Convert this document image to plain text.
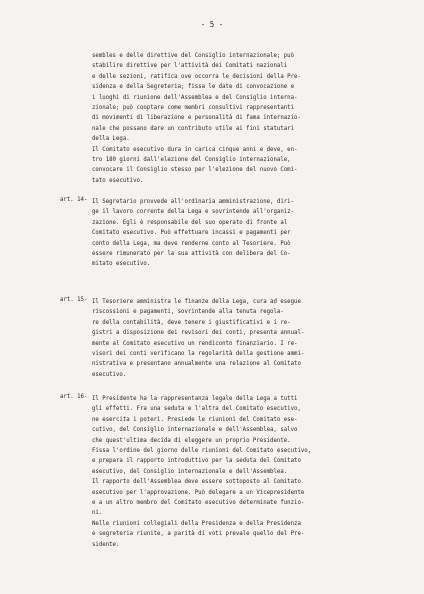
- 5 -
sembles e delle direttive del Consiglio internazionale; può
stabilire direttive per l'attività dei Comitati nazionali
e delle sezioni, ratifica ove occorra le decisioni della Pre-
sidenza e della Segreteria; fissa le date di convocazione e
i luoghi di riunione dell'Assemblea e del Consiglio interna-
zionale; può cooptare come membri consultivi rappresentanti
di movimenti di liberazione e personalità di fama internazio-
nale che possano dare un contributo utile ai fini statutari
della Lega.
Il Comitato esecutivo dura in carica cinque anni e deve, en-
tro 180 giorni dall'elezione del Consiglio internazionale,
convocare il Consiglio stesso per l'elezione del nuovo Comi-
tato esecutivo.
art. 14- Il Segretario provvede all'ordinaria amministrazione, diri-
ge il lavoro corrente della Lega e sovrintende all'organiz-
zazione. Egli è responsabile del suo operato di fronte al
Comitato esecutivo. Può effettuare incassi e pagamenti per
conto della Lega, ma deve renderne conto al Tesoriere. Può
essere rimunerato per la sua attività con delibera del Co-
mitato esecutivo.
art. 15- Il Tesoriere amministra le finanze della Lega, cura ad esegue
riscossioni e pagamenti, sovrintende alla tenuta regola-
re della contabilità, deve tenere i giustificativi e i re-
gistri a disposizione dei revisori dei conti, presenta annual-
mente al Comitato esecutivo un rendiconto finanziario. I re-
visori dei conti verificano la regolarità della gestione ammi-
nistrativa e presentano annualmente una relazione al Comitato
esecutivo.
art. 16- Il Presidente ha la rappresentanza legale della Lega a tutti
gli effetti. Fra una seduta e l'altra del Comitato esecutivo,
ne esercita i poteri. Presiede le riunioni del Comitato ese-
cutivo, del Consiglio internazionale e dell'Assemblea, salvo
che quest'ultima decida di eleggere un proprio Presidente.
Fissa l'ordine del giorno delle riunioni del Comitato esecutivo,
e prepara il rapporto introduttivo per la seduta del Comitato
esecutivo, del Consiglio internazionale e dell'Assemblea.
Il rapporto dell'Assemblea deve essere sottoposto al Comitato
esecutivo per l'approvazione. Può delegare a un Vicepresidente
e a un altro membro del Comitato esecutivo determinate funzio-
ni.
Nelle riunioni collegiali della Presidenza e della Presidenza
e segreteria riunite, a parità di voti prevale quello del Pre-
sidente.
